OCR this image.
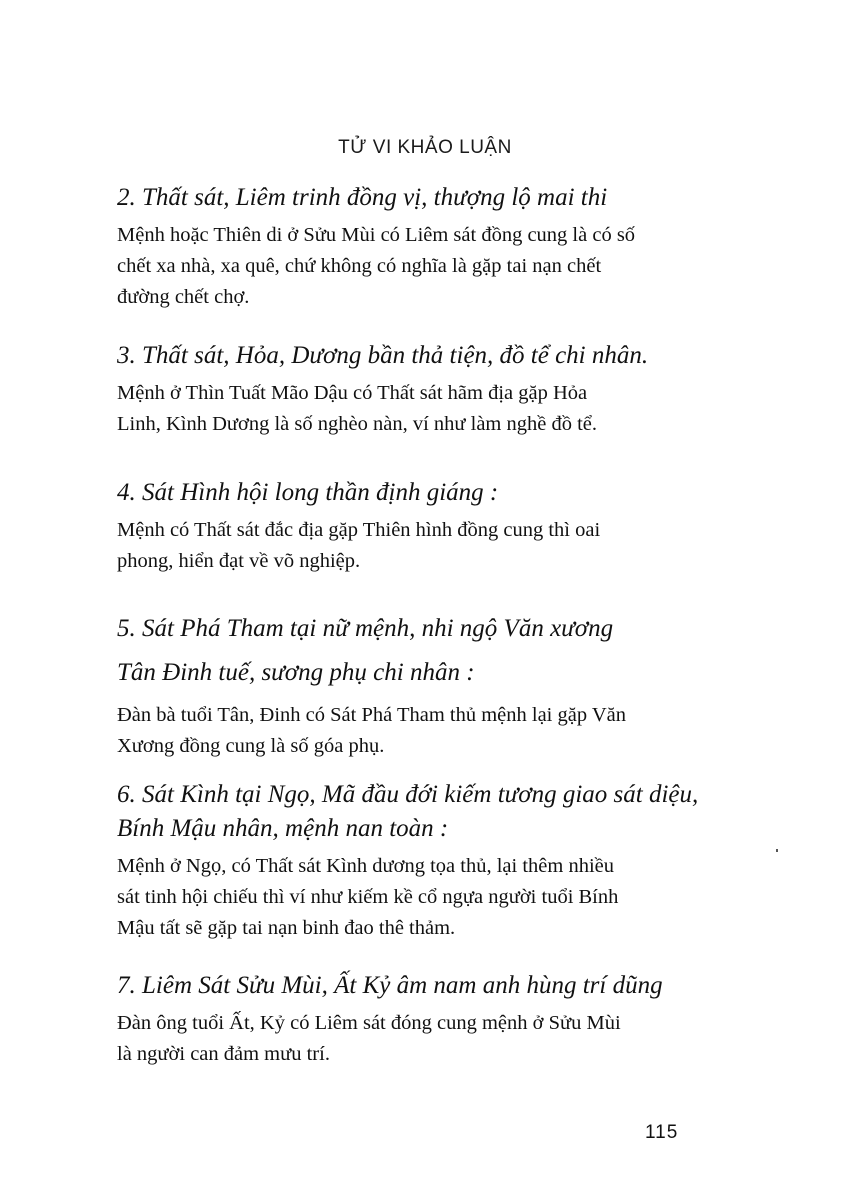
TỬ VI KHẢO LUẬN
2. Thất sát, Liêm trinh đồng vị, thượng lộ mai thi
Mệnh hoặc Thiên di ở Sửu Mùi có Liêm sát đồng cung là có số
chết xa nhà, xa quê, chứ không có nghĩa là gặp tai nạn chết
đường chết chợ.
3. Thất sát, Hỏa, Dương bần thả tiện, đồ tể chi nhân.
Mệnh ở Thìn Tuất Mão Dậu có Thất sát hãm địa gặp Hỏa
Linh, Kình Dương là số nghèo nàn, ví như làm nghề đồ tể.
4. Sát Hình hội long thần định giáng :
Mệnh có Thất sát đắc địa gặp Thiên hình đồng cung thì oai
phong, hiển đạt về võ nghiệp.
5. Sát Phá Tham tại nữ mệnh, nhi ngộ Văn xương
Tân Đinh tuế, sương phụ chi nhân :
Đàn bà tuổi Tân, Đinh có Sát Phá Tham thủ mệnh lại gặp Văn
Xương đồng cung là số góa phụ.
6. Sát Kình tại Ngọ, Mã đầu đới kiếm tương giao sát diệu,
Bính Mậu nhân, mệnh nan toàn :
Mệnh ở Ngọ, có Thất sát Kình dương tọa thủ, lại thêm nhiều
sát tinh hội chiếu thì ví như kiếm kề cổ ngựa người tuổi Bính
Mậu tất sẽ gặp tai nạn binh đao thê thảm.
7. Liêm Sát Sửu Mùi, Ất Kỷ âm nam anh hùng trí dũng
Đàn ông tuổi Ất, Kỷ có Liêm sát đóng cung mệnh ở Sửu Mùi
là người can đảm mưu trí.
115
